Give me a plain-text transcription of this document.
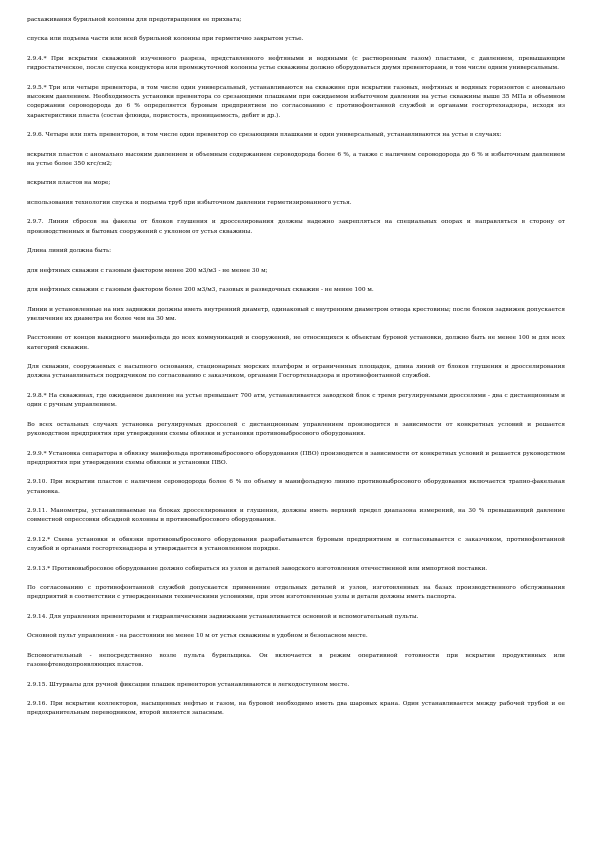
расхаживания бурильной колонны для предотвращения ее прихвата;

спуска или подъема части или всей бурильной колонны при герметично закрытом устье.

2.9.4.* При вскрытии скважиной изученного разреза, представленного нефтяными и водяными (с растворенным газом) пластами, с давлением, превышающим гидростатическое, после спуска кондуктора или промежуточной колонны устье скважины должно оборудоваться двумя превенторами, в том числе одним универсальным.

2.9.5.* Три или четыре превентора, в том числе один универсальный, устанавливаются на скважине при вскрытии газовых, нефтяных и водяных горизонтов с аномально высоким давлением. Необходимость установки превентора со срезающими плашками при ожидаемом избыточном давлении на устье скважины выше 35 МПа и объемном содержании сероводорода до 6 % определяется буровым предприятием по согласованию с противофонтанной службой и органами госгортехнадзора, исходя из характеристики пласта (состав флюида, пористость, проницаемость, дебит и др.).

2.9.6. Четыре или пять превенторов, в том числе один превентор со срезающими плашками и один универсальный, устанавливаются на устье в случаях:

вскрытия пластов с аномально высоким давлением и объемным содержанием сероводорода более 6 %, а также с наличием сероводорода до 6 % и избыточным давлением на устье более 350 кгс/см2;

вскрытия пластов на море;

использования технологии спуска и подъема труб при избыточном давлении герметизированного устья.

2.9.7. Линии сбросов на факелы от блоков глушения и дросселирования должны надежно закрепляться на специальных опорах и направляться в сторону от производственных и бытовых сооружений с уклоном от устья скважины.

Длина линий должна быть:

для нефтяных скважин с газовым фактором менее 200 м3/м3 - не менее 30 м;

для нефтяных скважин с газовым фактором более 200 м3/м3, газовых и разведочных скважин - не менее 100 м.

Линии и установленные на них задвижки должны иметь внутренний диаметр, одинаковый с внутренним диаметром отвода крестовины; после блоков задвижек допускается увеличение их диаметра не более чем на 30 мм.

Расстояние от концов выкидного манифольда до всех коммуникаций и сооружений, не относящихся к объектам буровой установки, должно быть не менее 100 м для всех категорий скважин.

Для скважин, сооружаемых с насыпного основания, стационарных морских платформ и ограниченных площадок, длина линий от блоков глушения и дросселирования должна устанавливаться подрядчиком по согласованию с заказчиком, органами Госгортехнадзора и противофонтанной службой.

2.9.8.* На скважинах, где ожидаемое давление на устье превышает 700 атм, устанавливается заводской блок с тремя регулируемыми дросселями - два с дистанционным и один с ручным управлением.

Во всех остальных случаях установка регулируемых дросселей с дистанционным управлением производится в зависимости от конкретных условий и решается руководством предприятия при утверждении схемы обвязки и установки противовыбросового оборудования.

2.9.9.* Установка сепаратора в обвязку манифольда противовыбросового оборудования (ПВО) производится в зависимости от конкретных условий и решается руководством предприятия при утверждении схемы обвязки и установки ПВО.

2.9.10. При вскрытии пластов с наличием сероводорода более 6 % по объему в манифольдную линию противовыбросового оборудования включается трапно-факельная установка.

2.9.11. Манометры, устанавливаемые на блоках дросселирования и глушения, должны иметь верхний предел диапазона измерений, на 30 % превышающий давление совместной опрессовки обсадной колонны и противовыбросового оборудования.

2.9.12.* Схема установки и обвязки противовыбросового оборудования разрабатывается буровым предприятием и согласовывается с заказчиком, противофонтанной службой и органами госгортехнадзора и утверждается в установленном порядке.

2.9.13.* Противовыбросовое оборудование должно собираться из узлов и деталей заводского изготовления отечественной или импортной поставки.

По согласованию с противофонтанной службой допускается применение отдельных деталей и узлов, изготовленных на базах производственного обслуживания предприятий в соответствии с утвержденными техническими условиями, при этом изготовленные узлы и детали должны иметь паспорта.

2.9.14. Для управления превенторами и гидравлическими задвижками устанавливается основной и вспомогательный пульты.

Основной пульт управления - на расстоянии не менее 10 м от устья скважины в удобном и безопасном месте.

Вспомогательный - непосредственно возле пульта бурильщика. Он включается в режим оперативной готовности при вскрытии продуктивных или газонефтеводопроявляющих пластов.

2.9.15. Штурвалы для ручной фиксации плашек превенторов устанавливаются в легкодоступном месте.

2.9.16. При вскрытии коллекторов, насыщенных нефтью и газом, на буровой необходимо иметь два шаровых крана. Один устанавливается между рабочей трубой и ее предохранительным переводником, второй является запасным.
